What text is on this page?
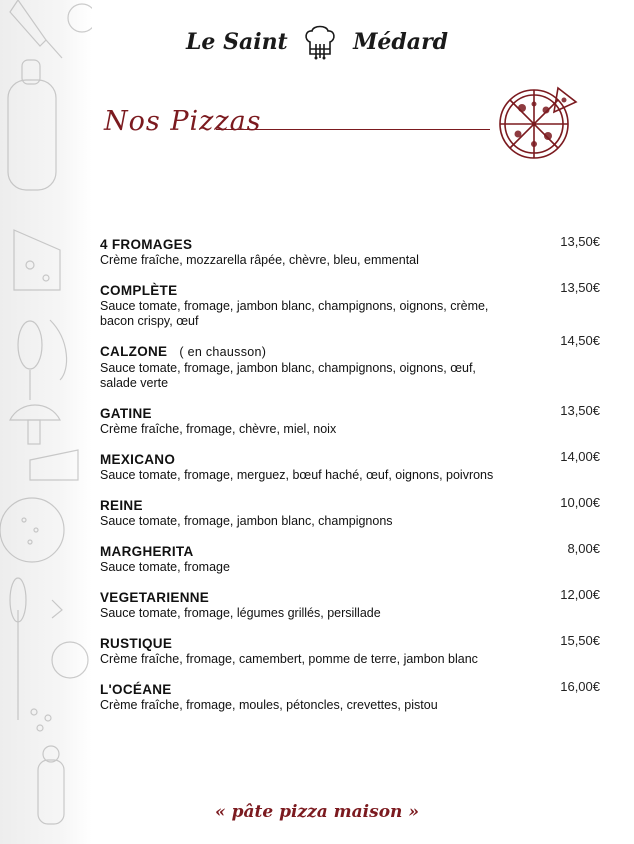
Le Saint	Médard
Nos Pizzas
4 FROMAGES
Crème fraîche, mozzarella râpée, chèvre, bleu, emmental
13,50€
COMPLÈTE
Sauce tomate, fromage, jambon blanc, champignons, oignons, crème, bacon crispy, œuf
13,50€
CALZONE ( en chausson)
Sauce tomate, fromage, jambon blanc, champignons, oignons, œuf, salade verte
14,50€
GATINE
Crème fraîche, fromage, chèvre, miel, noix
13,50€
MEXICANO
Sauce tomate, fromage, merguez, bœuf haché, œuf, oignons, poivrons
14,00€
REINE
Sauce tomate, fromage, jambon blanc, champignons
10,00€
MARGHERITA
Sauce tomate, fromage
8,00€
VEGETARIENNE
Sauce tomate, fromage, légumes grillés, persillade
12,00€
RUSTIQUE
Crème fraîche, fromage, camembert, pomme de terre, jambon blanc
15,50€
L'OCÉANE
Crème fraîche, fromage, moules, pétoncles, crevettes, pistou
16,00€
« pâte pizza maison »
